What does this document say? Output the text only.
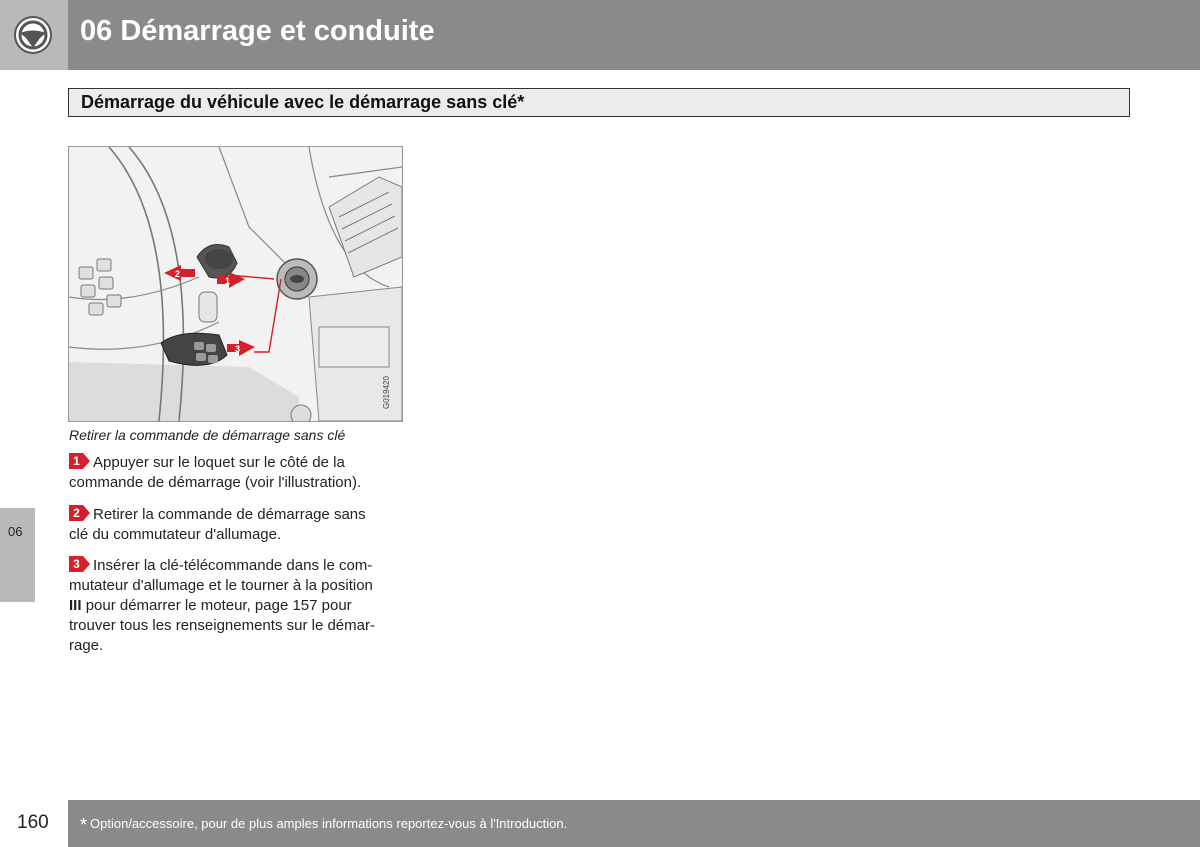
06 Démarrage et conduite
Démarrage du véhicule avec le démarrage sans clé*
2
1
3
G019420
Retirer la commande de démarrage sans clé
1 Appuyer sur le loquet sur le côté de la
commande de démarrage (voir l'illustration).
2 Retirer la commande de démarrage sans
clé du commutateur d'allumage.
3 Insérer la clé-télécommande dans le com-
mutateur d'allumage et le tourner à la position
III pour démarrer le moteur, page 157 pour
trouver tous les renseignements sur le démar-
rage.
06
160 * Option/accessoire, pour de plus amples informations reportez-vous à l'Introduction.
